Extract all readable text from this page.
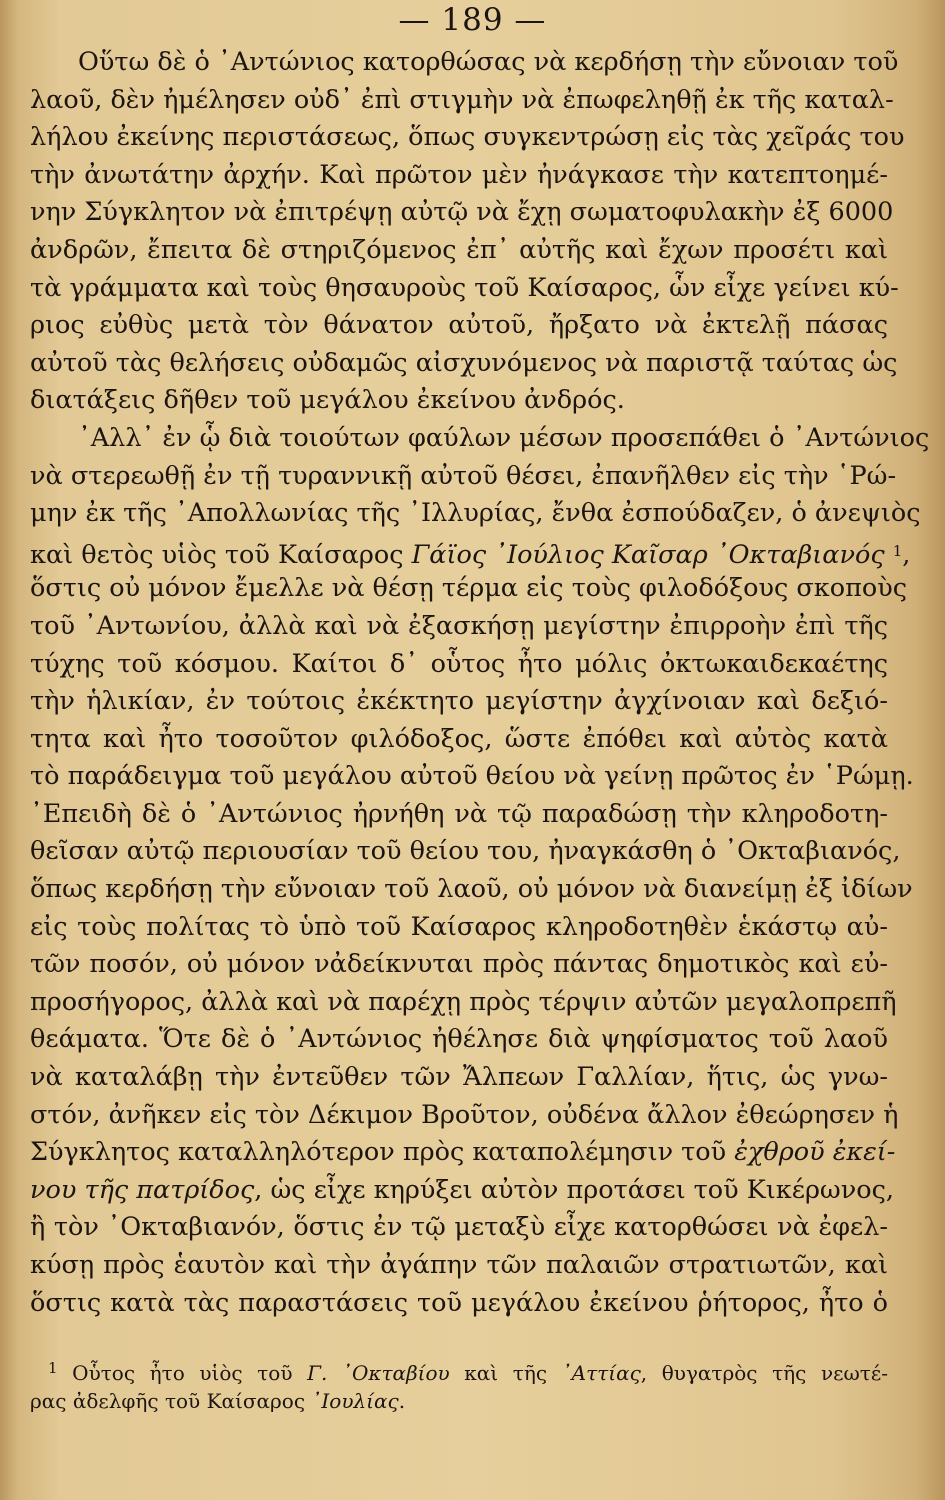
— 189 —
Οὕτω δὲ ὁ ᾿Αντώνιος κατορθώσας νὰ κερδήσῃ τὴν εὔνοιαν τοῦ
λαοῦ, δὲν ἠμέλησεν οὐδ᾿ ἐπὶ στιγμὴν νὰ ἐπωφεληθῇ ἐκ τῆς καταλ-
λήλου ἐκείνης περιστάσεως, ὅπως συγκεντρώσῃ εἰς τὰς χεῖράς του
τὴν ἀνωτάτην ἀρχήν. Καὶ πρῶτον μὲν ἠνάγκασε τὴν κατεπτοημέ-
νην Σύγκλητον νὰ ἐπιτρέψῃ αὐτῷ νὰ ἔχῃ σωματοφυλακὴν ἐξ 6000
ἀνδρῶν, ἔπειτα δὲ στηριζόμενος ἐπ᾿ αὐτῆς καὶ ἔχων προσέτι καὶ
τὰ γράμματα καὶ τοὺς θησαυροὺς τοῦ Καίσαρος, ὧν εἶχε γείνει κύ-
ριος εὐθὺς μετὰ τὸν θάνατον αὐτοῦ, ἤρξατο νὰ ἐκτελῇ πάσας
αὐτοῦ τὰς θελήσεις οὐδαμῶς αἰσχυνόμενος νὰ παριστᾷ ταύτας ὡς
διατάξεις δῆθεν τοῦ μεγάλου ἐκείνου ἀνδρός.
᾿Αλλ᾿ ἐν ᾧ διὰ τοιούτων φαύλων μέσων προσεπάθει ὁ ᾿Αντώνιος
νὰ στερεωθῇ ἐν τῇ τυραννικῇ αὐτοῦ θέσει, ἐπανῆλθεν εἰς τὴν ῾Ρώ-
μην ἐκ τῆς ᾿Απολλωνίας τῆς ᾿Ιλλυρίας, ἔνθα ἐσπούδαζεν, ὁ ἀνεψιὸς
καὶ θετὸς υἱὸς τοῦ Καίσαρος Γάϊος ᾿Ιούλιος Καῖσαρ ᾿Οκταβιανός $^1$,
ὅστις οὐ μόνον ἔμελλε νὰ θέσῃ τέρμα εἰς τοὺς φιλοδόξους σκοποὺς
τοῦ ᾿Αντωνίου, ἀλλὰ καὶ νὰ ἐξασκήσῃ μεγίστην ἐπιρροὴν ἐπὶ τῆς
τύχης τοῦ κόσμου. Καίτοι δ᾿ οὗτος ἦτο μόλις ὀκτωκαιδεκαέτης
τὴν ἡλικίαν, ἐν τούτοις ἐκέκτητο μεγίστην ἀγχίνοιαν καὶ δεξιό-
τητα καὶ ἦτο τοσοῦτον φιλόδοξος, ὥστε ἐπόθει καὶ αὐτὸς κατὰ
τὸ παράδειγμα τοῦ μεγάλου αὐτοῦ θείου νὰ γείνῃ πρῶτος ἐν ῾Ρώμῃ.
᾿Επειδὴ δὲ ὁ ᾿Αντώνιος ἠρνήθη νὰ τῷ παραδώσῃ τὴν κληροδοτη-
θεῖσαν αὐτῷ περιουσίαν τοῦ θείου του, ἠναγκάσθη ὁ ᾿Οκταβιανός,
ὅπως κερδήσῃ τὴν εὔνοιαν τοῦ λαοῦ, οὐ μόνον νὰ διανείμῃ ἐξ ἰδίων
εἰς τοὺς πολίτας τὸ ὑπὸ τοῦ Καίσαρος κληροδοτηθὲν ἑκάστῳ αὐ-
τῶν ποσόν, οὐ μόνον νἀδείκνυται πρὸς πάντας δημοτικὸς καὶ εὐ-
προσήγορος, ἀλλὰ καὶ νὰ παρέχῃ πρὸς τέρψιν αὐτῶν μεγαλοπρεπῆ
θεάματα. Ὅτε δὲ ὁ ᾿Αντώνιος ἠθέλησε διὰ ψηφίσματος τοῦ λαοῦ
νὰ καταλάβῃ τὴν ἐντεῦθεν τῶν Ἄλπεων Γαλλίαν, ἥτις, ὡς γνω-
στόν, ἀνῆκεν εἰς τὸν Δέκιμον Βροῦτον, οὐδένα ἄλλον ἐθεώρησεν ἡ
Σύγκλητος καταλληλότερον πρὸς καταπολέμησιν τοῦ ἐχθροῦ ἐκεί-
νου τῆς πατρίδος, ὡς εἶχε κηρύξει αὐτὸν προτάσει τοῦ Κικέρωνος,
ἢ τὸν ᾿Οκταβιανόν, ὅστις ἐν τῷ μεταξὺ εἶχε κατορθώσει νὰ ἐφελ-
κύσῃ πρὸς ἑαυτὸν καὶ τὴν ἀγάπην τῶν παλαιῶν στρατιωτῶν, καὶ
ὅστις κατὰ τὰς παραστάσεις τοῦ μεγάλου ἐκείνου ῥήτορος, ἦτο ὁ
$^1$ Οὗτος ἦτο υἱὸς τοῦ Γ. ᾿Οκταβίου καὶ τῆς ᾿Αττίας, θυγατρὸς τῆς νεωτέ-
ρας ἀδελφῆς τοῦ Καίσαρος ᾿Ιουλίας.
